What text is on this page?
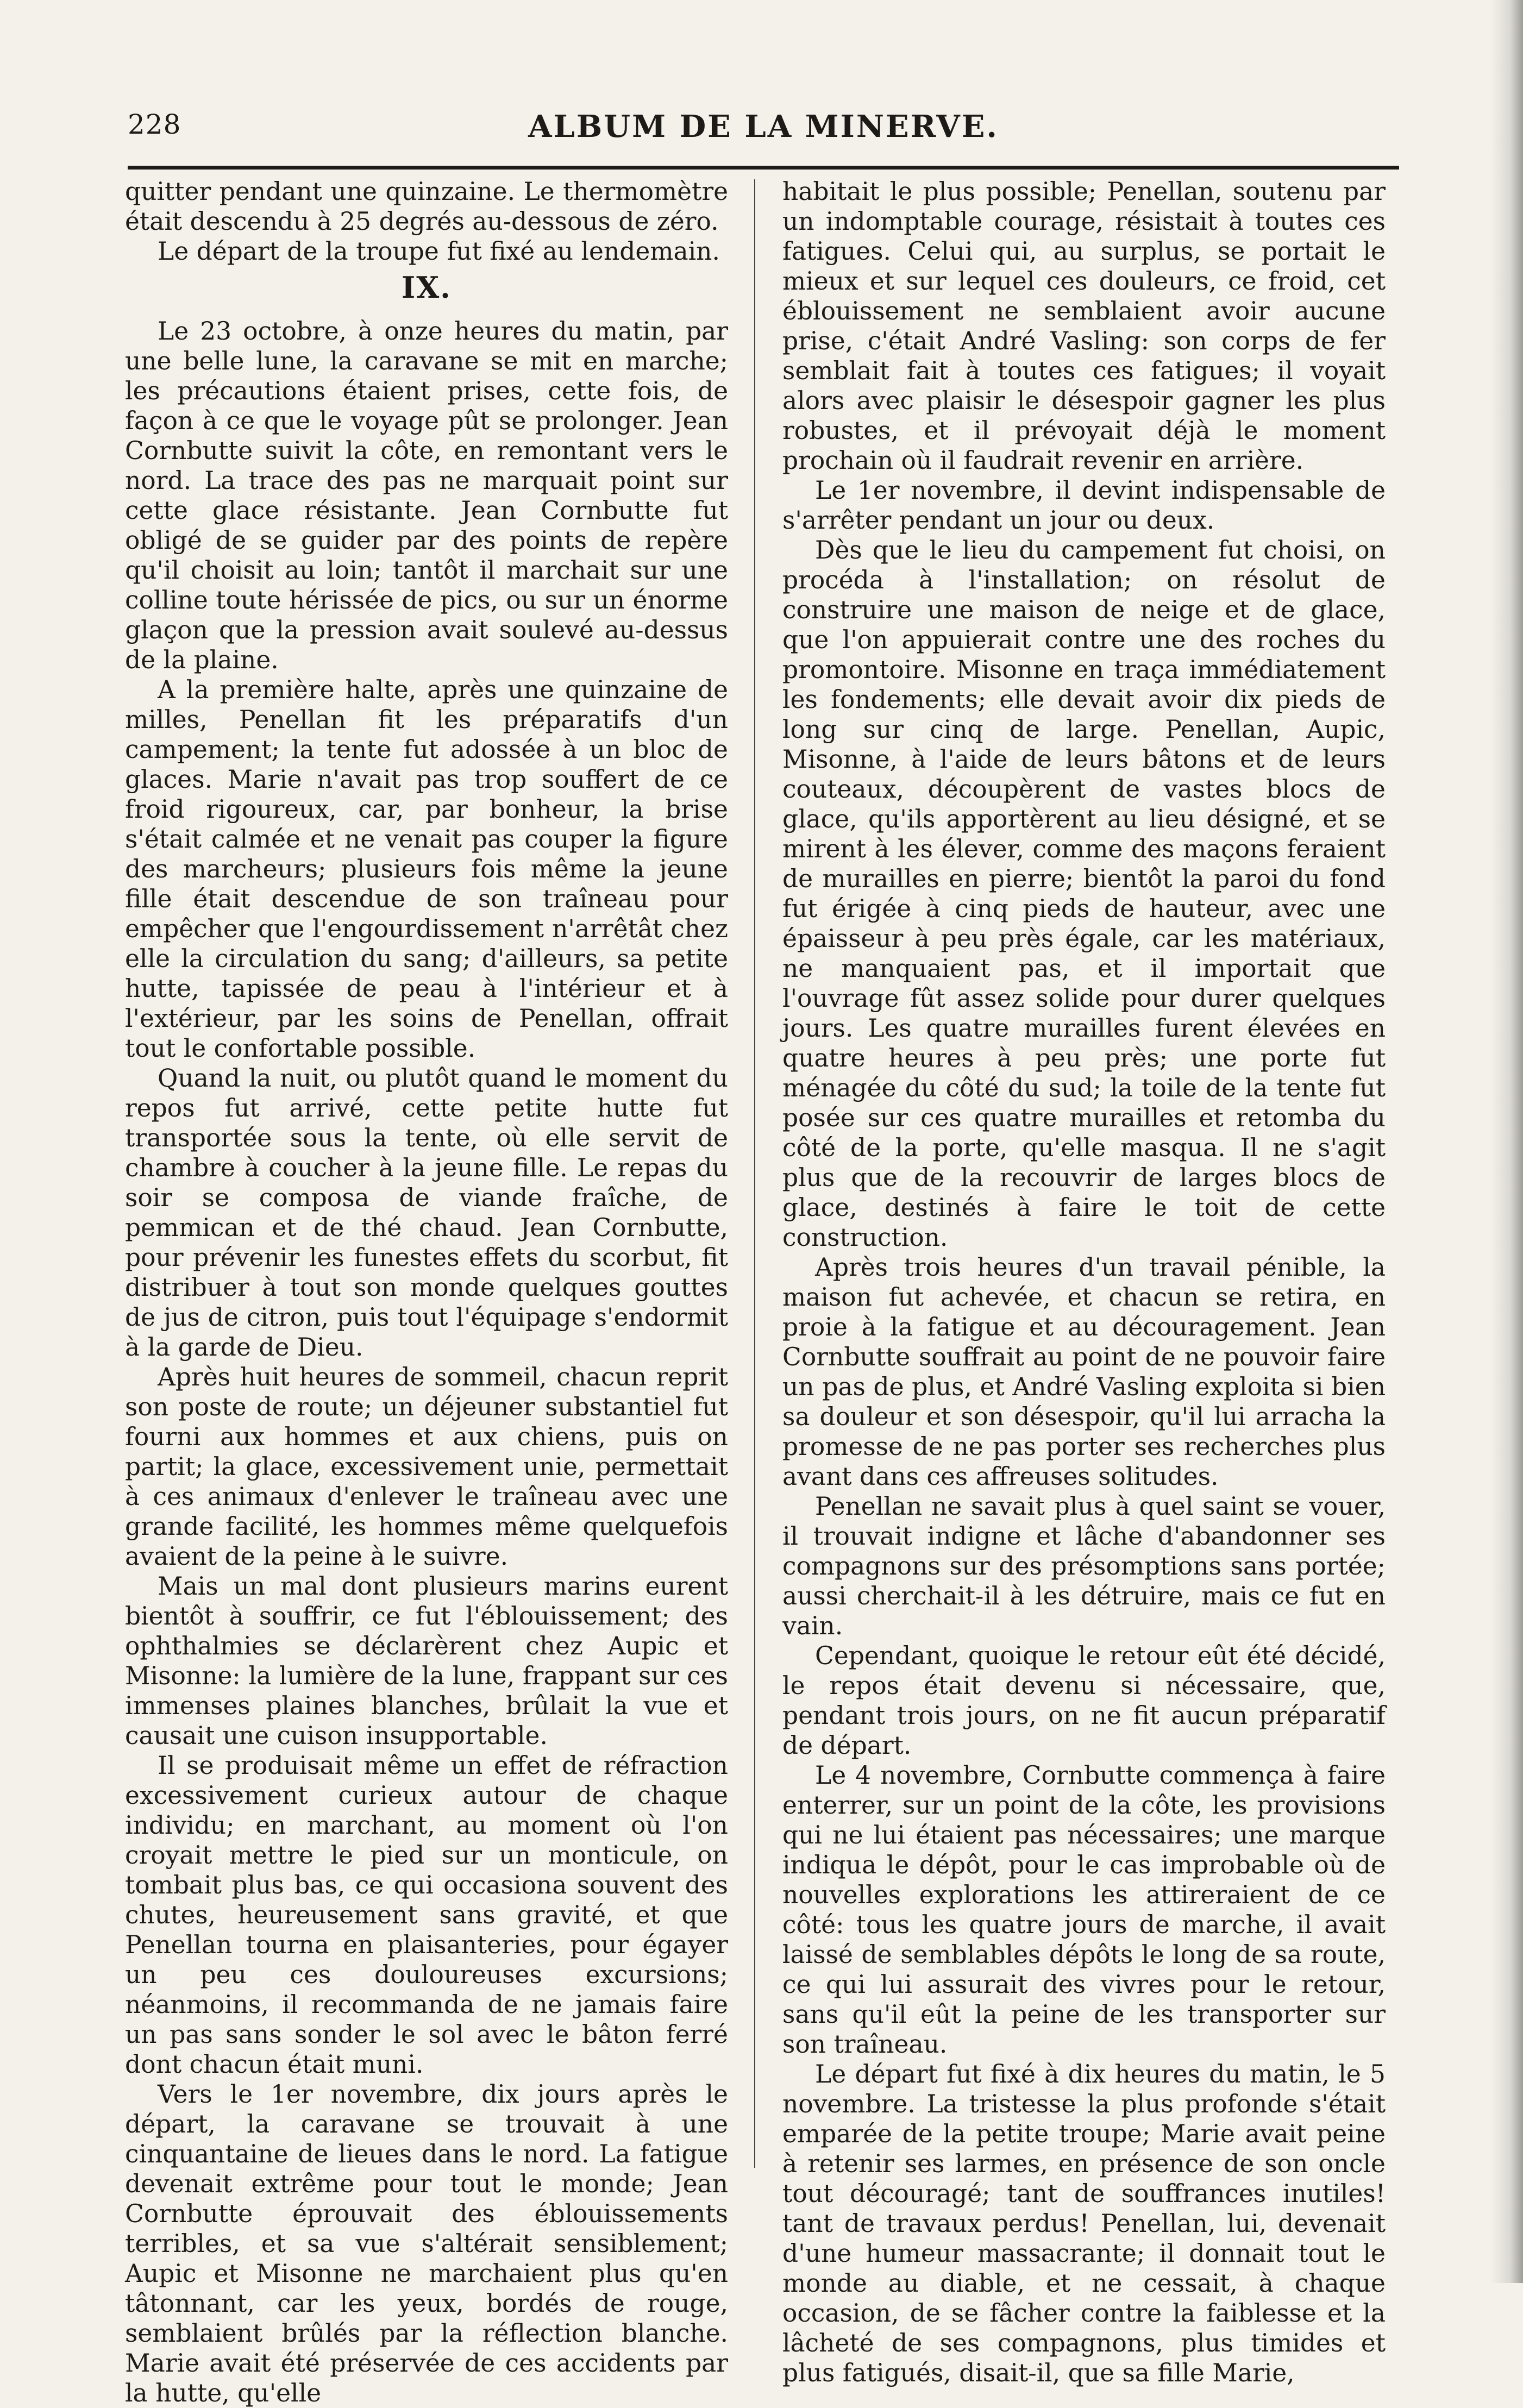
228	ALBUM DE LA MINERVE.

quitter pendant une quinzaine. Le thermomètre était descendu à 25 degrés au-dessous de zéro.

Le départ de la troupe fut fixé au lendemain.

IX.

Le 23 octobre, à onze heures du matin, par une belle lune, la caravane se mit en marche; les précautions étaient prises, cette fois, de façon à ce que le voyage pût se prolonger. Jean Cornbutte suivit la côte, en remontant vers le nord. La trace des pas ne marquait point sur cette glace résistante. Jean Cornbutte fut obligé de se guider par des points de repère qu'il choisit au loin; tantôt il marchait sur une colline toute hérissée de pics, ou sur un énorme glaçon que la pression avait soulevé au-dessus de la plaine.

A la première halte, après une quinzaine de milles, Penellan fit les préparatifs d'un campement; la tente fut adossée à un bloc de glaces. Marie n'avait pas trop souffert de ce froid rigoureux, car, par bonheur, la brise s'était calmée et ne venait pas couper la figure des marcheurs; plusieurs fois même la jeune fille était descendue de son traîneau pour empêcher que l'engourdissement n'arrêtât chez elle la circulation du sang; d'ailleurs, sa petite hutte, tapissée de peau à l'intérieur et à l'extérieur, par les soins de Penellan, offrait tout le confortable possible.

Quand la nuit, ou plutôt quand le moment du repos fut arrivé, cette petite hutte fut transportée sous la tente, où elle servit de chambre à coucher à la jeune fille. Le repas du soir se composa de viande fraîche, de pemmican et de thé chaud. Jean Cornbutte, pour prévenir les funestes effets du scorbut, fit distribuer à tout son monde quelques gouttes de jus de citron, puis tout l'équipage s'endormit à la garde de Dieu.

Après huit heures de sommeil, chacun reprit son poste de route; un déjeuner substantiel fut fourni aux hommes et aux chiens, puis on partit; la glace, excessivement unie, permettait à ces animaux d'enlever le traîneau avec une grande facilité, les hommes même quelquefois avaient de la peine à le suivre.

Mais un mal dont plusieurs marins eurent bientôt à souffrir, ce fut l'éblouissement; des ophthalmies se déclarèrent chez Aupic et Misonne: la lumière de la lune, frappant sur ces immenses plaines blanches, brûlait la vue et causait une cuison insupportable.

Il se produisait même un effet de réfraction excessivement curieux autour de chaque individu; en marchant, au moment où l'on croyait mettre le pied sur un monticule, on tombait plus bas, ce qui occasiona souvent des chutes, heureusement sans gravité, et que Penellan tourna en plaisanteries, pour égayer un peu ces douloureuses excursions; néanmoins, il recommanda de ne jamais faire un pas sans sonder le sol avec le bâton ferré dont chacun était muni.

Vers le 1er novembre, dix jours après le départ, la caravane se trouvait à une cinquantaine de lieues dans le nord. La fatigue devenait extrême pour tout le monde; Jean Cornbutte éprouvait des éblouissements terribles, et sa vue s'altérait sensiblement; Aupic et Misonne ne marchaient plus qu'en tâtonnant, car les yeux, bordés de rouge, semblaient brûlés par la réflection blanche. Marie avait été préservée de ces accidents par la hutte, qu'elle

habitait le plus possible; Penellan, soutenu par un indomptable courage, résistait à toutes ces fatigues. Celui qui, au surplus, se portait le mieux et sur lequel ces douleurs, ce froid, cet éblouissement ne semblaient avoir aucune prise, c'était André Vasling: son corps de fer semblait fait à toutes ces fatigues; il voyait alors avec plaisir le désespoir gagner les plus robustes, et il prévoyait déjà le moment prochain où il faudrait revenir en arrière.

Le 1er novembre, il devint indispensable de s'arrêter pendant un jour ou deux.

Dès que le lieu du campement fut choisi, on procéda à l'installation; on résolut de construire une maison de neige et de glace, que l'on appuierait contre une des roches du promontoire. Misonne en traça immédiatement les fondements; elle devait avoir dix pieds de long sur cinq de large. Penellan, Aupic, Misonne, à l'aide de leurs bâtons et de leurs couteaux, découpèrent de vastes blocs de glace, qu'ils apportèrent au lieu désigné, et se mirent à les élever, comme des maçons feraient de murailles en pierre; bientôt la paroi du fond fut érigée à cinq pieds de hauteur, avec une épaisseur à peu près égale, car les matériaux, ne manquaient pas, et il importait que l'ouvrage fût assez solide pour durer quelques jours. Les quatre murailles furent élevées en quatre heures à peu près; une porte fut ménagée du côté du sud; la toile de la tente fut posée sur ces quatre murailles et retomba du côté de la porte, qu'elle masqua. Il ne s'agit plus que de la recouvrir de larges blocs de glace, destinés à faire le toit de cette construction.

Après trois heures d'un travail pénible, la maison fut achevée, et chacun se retira, en proie à la fatigue et au découragement. Jean Cornbutte souffrait au point de ne pouvoir faire un pas de plus, et André Vasling exploita si bien sa douleur et son désespoir, qu'il lui arracha la promesse de ne pas porter ses recherches plus avant dans ces affreuses solitudes.

Penellan ne savait plus à quel saint se vouer, il trouvait indigne et lâche d'abandonner ses compagnons sur des présomptions sans portée; aussi cherchait-il à les détruire, mais ce fut en vain.

Cependant, quoique le retour eût été décidé, le repos était devenu si nécessaire, que, pendant trois jours, on ne fit aucun préparatif de départ.

Le 4 novembre, Cornbutte commença à faire enterrer, sur un point de la côte, les provisions qui ne lui étaient pas nécessaires; une marque indiqua le dépôt, pour le cas improbable où de nouvelles explorations les attireraient de ce côté: tous les quatre jours de marche, il avait laissé de semblables dépôts le long de sa route, ce qui lui assurait des vivres pour le retour, sans qu'il eût la peine de les transporter sur son traîneau.

Le départ fut fixé à dix heures du matin, le 5 novembre. La tristesse la plus profonde s'était emparée de la petite troupe; Marie avait peine à retenir ses larmes, en présence de son oncle tout découragé; tant de souffrances inutiles! tant de travaux perdus! Penellan, lui, devenait d'une humeur massacrante; il donnait tout le monde au diable, et ne cessait, à chaque occasion, de se fâcher contre la faiblesse et la lâcheté de ses compagnons, plus timides et plus fatigués, disait-il, que sa fille Marie,
